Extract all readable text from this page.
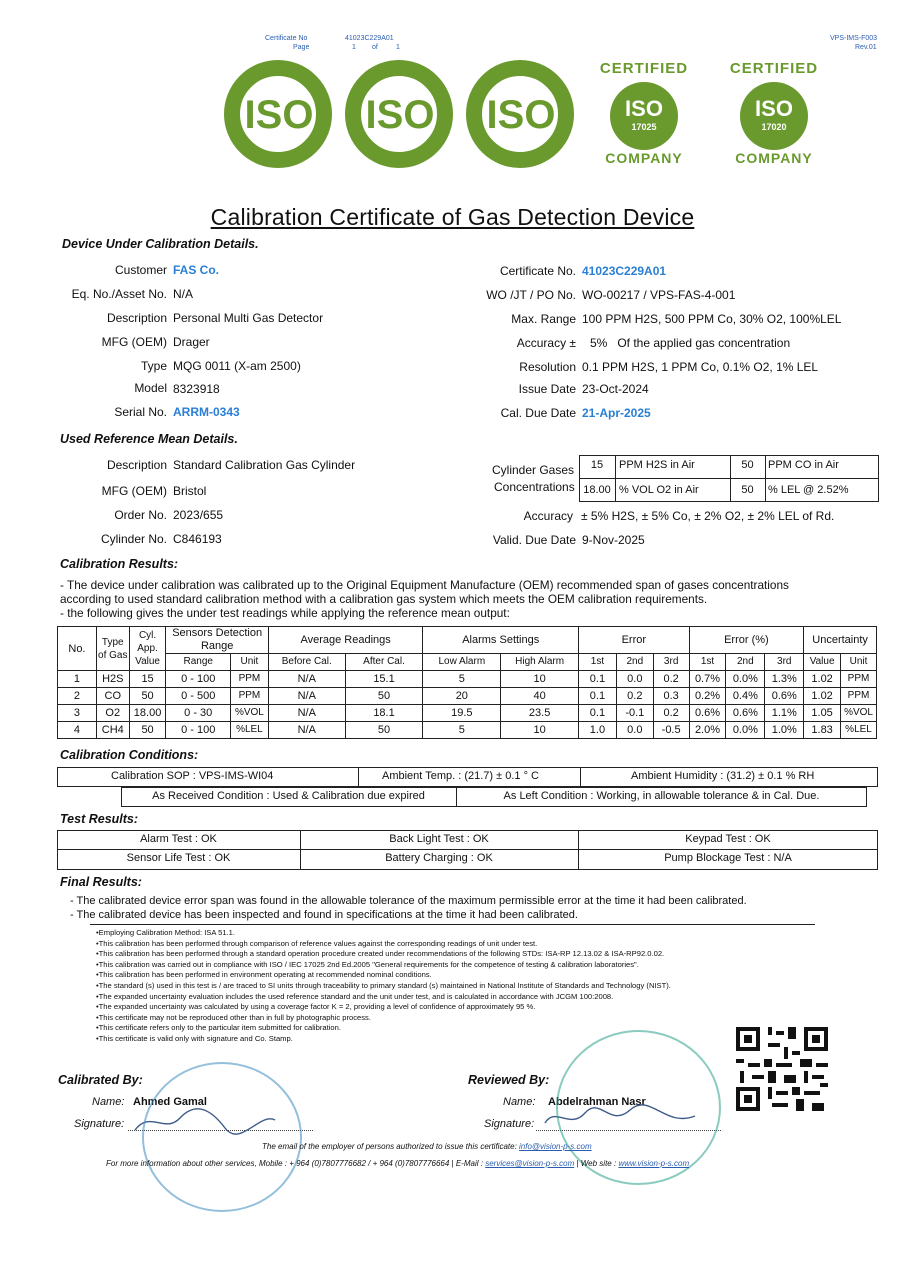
Certificate No	41023C229A01
Page	1 of	1
VPS-IMS-F003
Rev.01
ISO
9001
ISO
45001
ISO
14001
CERTIFIED
ISO
17025
COMPANY
CERTIFIED
ISO
17020
COMPANY
Calibration Certificate of Gas Detection Device
Device Under Calibration Details.
Customer FAS Co.
Eq. No./Asset No. N/A
Description Personal Multi Gas Detector
MFG (OEM) Drager
Type MQG 0011 (X-am 2500)
Model 8323918
Serial No. ARRM-0343
Certificate No. 41023C229A01
WO /JT / PO No. WO-00217 / VPS-FAS-4-001
Max. Range 100 PPM H2S, 500 PPM Co, 30% O2, 100%LEL
Accuracy ± 5%   Of the applied gas concentration
Resolution 0.1 PPM H2S, 1 PPM Co, 0.1% O2, 1% LEL
Issue Date 23-Oct-2024
Cal. Due Date 21-Apr-2025
Used Reference Mean Details.
Description Standard Calibration Gas Cylinder
MFG (OEM) Bristol
Order No. 2023/655
Cylinder No. C846193
Cylinder Gases
Concentrations
15	PPM H2S in Air	50	PPM CO in Air
18.00 % VOL O2 in Air	50	% LEL @ 2.52%
Accuracy ± 5% H2S, ± 5% Co, ± 2% O2, ± 2% LEL of Rd.
Valid. Due Date 9-Nov-2025
Calibration Results:
- The device under calibration was calibrated up to the Original Equipment Manufacture (OEM) recommended span of gases concentrations
according to used standard calibration method with a calibration gas system which meets the OEM calibration requirements.
- the following gives the under test readings while applying the reference mean output:
No.	Type of Gas	Cyl. App. Value	Sensors Detection Range		Average Readings		Alarms Settings		Error			Error (%)			Uncertainty	
			Range	Unit	Before Cal.	After Cal.	Low Alarm	High Alarm	1st	2nd	3rd	1st	2nd	3rd	Value	Unit
1	H2S	15	0 - 100	PPM	N/A	15.1	5	10	0.1	0.0	0.2	0.7%	0.0%	1.3%	1.02	PPM
2	CO	50	0 - 500	PPM	N/A	50	20	40	0.1	0.2	0.3	0.2%	0.4%	0.6%	1.02	PPM
3	O2	18.00	0 - 30	%VOL	N/A	18.1	19.5	23.5	0.1	-0.1	0.2	0.6%	0.6%	1.1%	1.05	%VOL
4	CH4	50	0 - 100	%LEL	N/A	50	5	10	1.0	0.0	-0.5	2.0%	0.0%	1.0%	1.83	%LEL
Calibration Conditions:
Calibration SOP : VPS-IMS-WI04	Ambient Temp. : (21.7) ± 0.1 ° C	Ambient Humidity : (31.2) ± 0.1 % RH
As Received Condition : Used & Calibration due expired	As Left Condition : Working, in allowable tolerance & in Cal. Due.
Test Results:
Alarm Test : OK	Back Light Test : OK	Keypad Test : OK
Sensor Life Test : OK	Battery Charging : OK	Pump Blockage Test : N/A
Final Results:
- The calibrated device error span was found in the allowable tolerance of the maximum permissible error at the time it had been calibrated.
- The calibrated device has been inspected and found in specifications at the time it had been calibrated.
• Employing Calibration Method: ISA 51.1.
• This calibration has been performed through comparison of reference values against the corresponding readings of unit under test.
• This calibration has been performed through a standard operation procedure created under recommendations of the following STDs: ISA-RP 12.13.02 & ISA-RP92.0.02.
• This calibration was carried out in compliance with ISO / IEC 17025 2nd Ed.2005 "General requirements for the competence of testing & calibration laboratories".
• This calibration has been performed in environment operating at recommended nominal conditions.
• The standard (s) used in this test is / are traced to SI units through traceability to primary standard (s) maintained in National Institute of Standards and Technology (NIST).
• The expanded uncertainty evaluation includes the used reference standard and the unit under test, and is calculated in accordance with JCGM 100:2008.
• The expanded uncertainty was calculated by using a coverage factor K = 2, providing a level of confidence of approximately 95 %.
• This certificate may not be reproduced other than in full by photographic process.
• This certificate refers only to the particular item submitted for calibration.
• This certificate is valid only with signature and Co. Stamp.
Calibrated By:
Name: Ahmed Gamal
Signature:
Reviewed By:
Name: Abdelrahman Nasr
Signature:
The email of the employer of persons authorized to issue this certificate: info@vision-p-s.com
For more information about other services, Mobile : + 964 (0)7807776682 / + 964 (0)7807776664 | E-Mail : services@vision-p-s.com | Web site : www.vision-p-s.com
